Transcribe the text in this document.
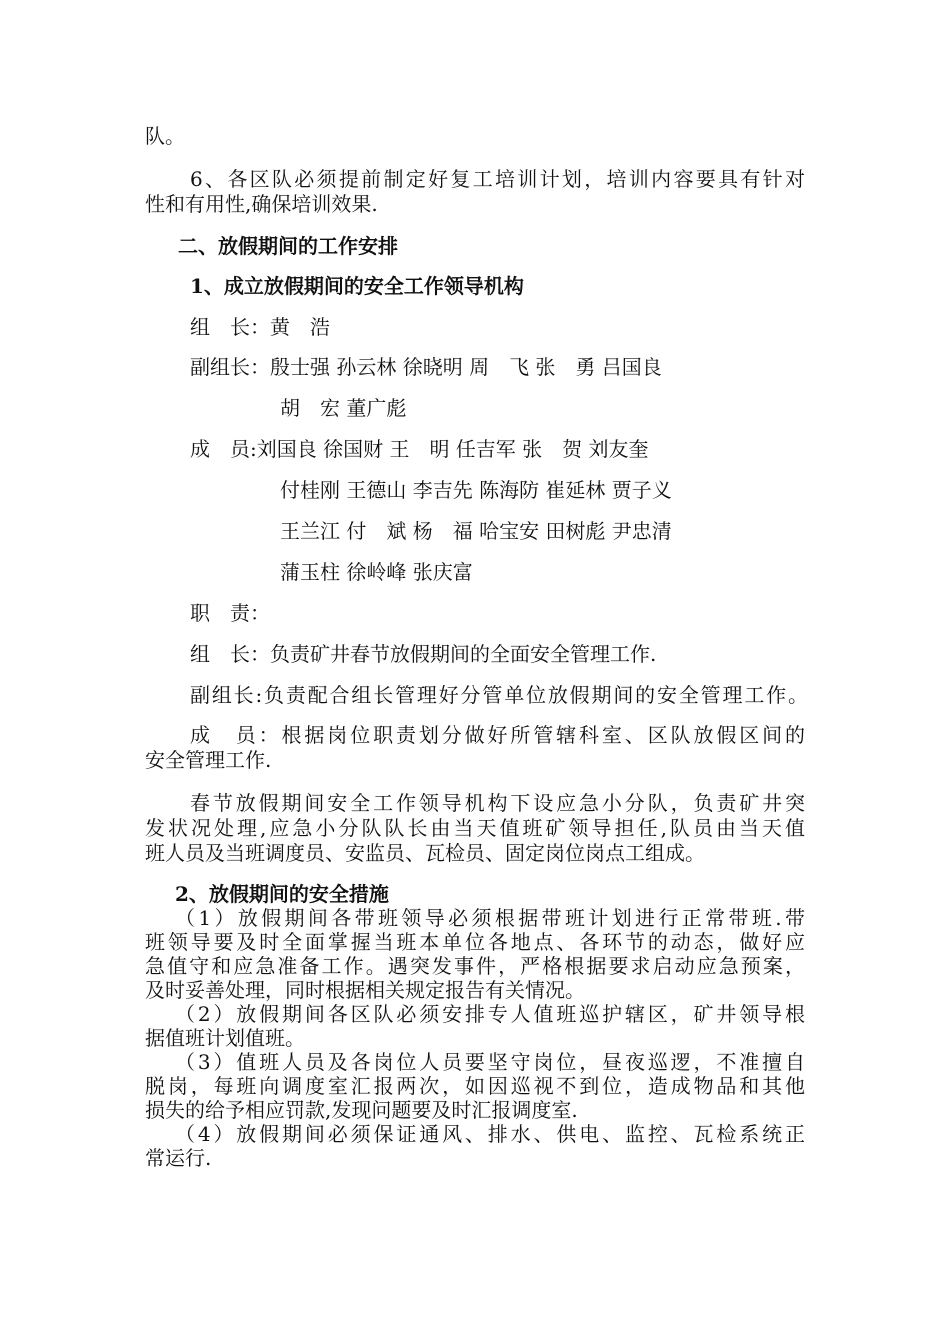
队。
6、各区队必须提前制定好复工培训计划，培训内容要具有针对
性和有用性,确保培训效果.
二、放假期间的工作安排
1、成立放假期间的安全工作领导机构
组　长：黄　浩
副组长：殷士强 孙云林 徐晓明 周　飞 张　勇 吕国良
胡　宏 董广彪
成　员:刘国良 徐国财 王　明 任吉军 张　贺 刘友奎
付桂刚 王德山 李吉先 陈海防 崔延林 贾子义
王兰江 付　斌 杨　福 哈宝安 田树彪 尹忠清
蒲玉柱 徐岭峰 张庆富
职　责：
组　长：负责矿井春节放假期间的全面安全管理工作.
副组长:负责配合组长管理好分管单位放假期间的安全管理工作。
成　员：根据岗位职责划分做好所管辖科室、区队放假区间的
安全管理工作.
春节放假期间安全工作领导机构下设应急小分队，负责矿井突
发状况处理,应急小分队队长由当天值班矿领导担任,队员由当天值
班人员及当班调度员、安监员、瓦检员、固定岗位岗点工组成。
2、放假期间的安全措施
（1）放假期间各带班领导必须根据带班计划进行正常带班.带
班领导要及时全面掌握当班本单位各地点、各环节的动态，做好应
急值守和应急准备工作。遇突发事件，严格根据要求启动应急预案，
及时妥善处理，同时根据相关规定报告有关情况。
（2）放假期间各区队必须安排专人值班巡护辖区，矿井领导根
据值班计划值班。
（3）值班人员及各岗位人员要坚守岗位，昼夜巡逻，不准擅自
脱岗，每班向调度室汇报两次，如因巡视不到位，造成物品和其他
损失的给予相应罚款,发现问题要及时汇报调度室.
（4）放假期间必须保证通风、排水、供电、监控、瓦检系统正
常运行.
